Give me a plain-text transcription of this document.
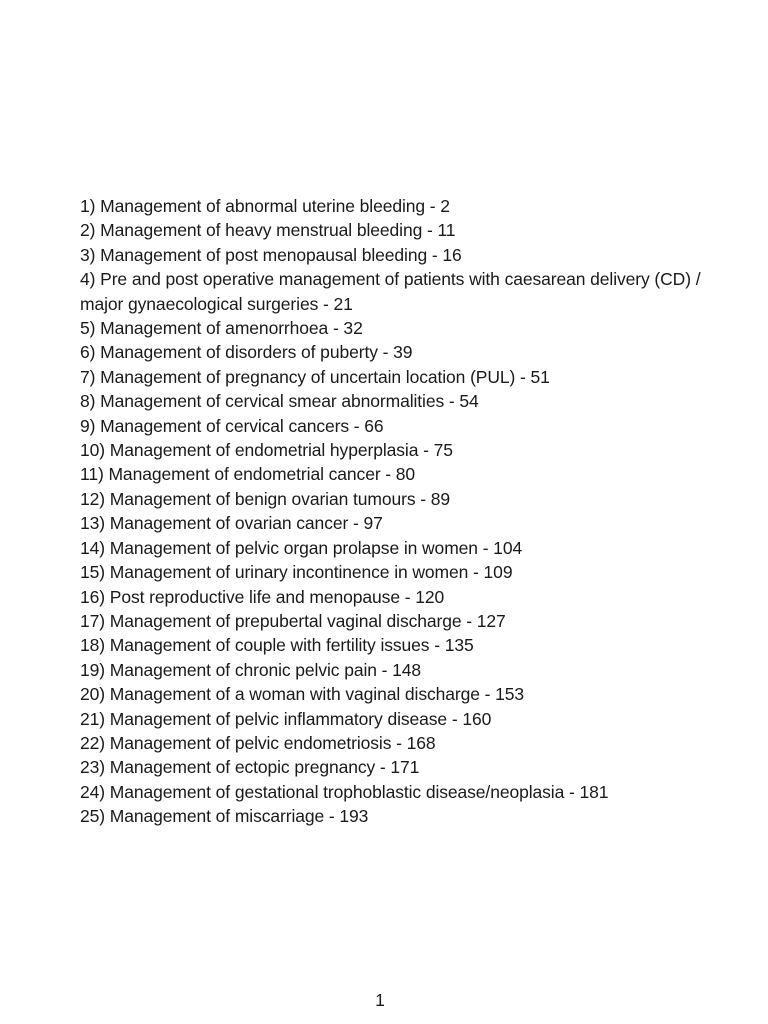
1) Management of abnormal uterine bleeding - 2
2) Management of heavy menstrual bleeding - 11
3) Management of post menopausal bleeding - 16
4) Pre and post operative management of patients with caesarean delivery (CD) / major gynaecological surgeries - 21
5) Management of amenorrhoea - 32
6) Management of disorders of puberty - 39
7) Management of pregnancy of uncertain location (PUL) - 51
8) Management of cervical smear abnormalities - 54
9) Management of cervical cancers - 66
10) Management of endometrial hyperplasia - 75
11) Management of endometrial cancer - 80
12) Management of benign ovarian tumours - 89
13) Management of ovarian cancer - 97
14) Management of pelvic organ prolapse in women - 104
15) Management of urinary incontinence in women - 109
16) Post reproductive life and menopause - 120
17) Management of prepubertal vaginal discharge - 127
18) Management of couple with fertility issues - 135
19) Management of chronic pelvic pain - 148
20) Management of a woman with vaginal discharge - 153
21) Management of pelvic inflammatory disease - 160
22) Management of pelvic endometriosis - 168
23) Management of ectopic pregnancy - 171
24) Management of gestational trophoblastic disease/neoplasia - 181
25) Management of miscarriage - 193
1
